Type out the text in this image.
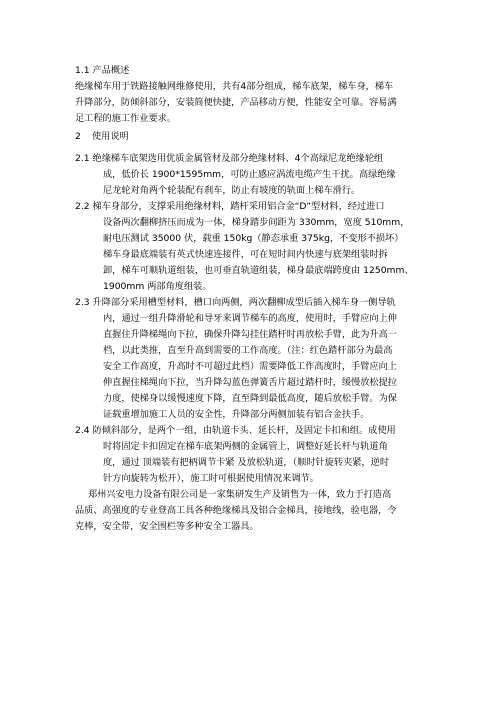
1.1 产品概述
绝缘梯车用于铁路接触网维修使用，共有4部分组成，梯车底架，梯车身，梯车
升降部分，防倾斜部分，安装简便快捷，产品移动方便，性能安全可靠。容易满
足工程的施工作业要求。
2 使用说明
2.1 绝缘梯车底架选用优质金属管材及部分绝缘材料、4个高绿尼龙绝缘轮组
成，低价长 1900*1595mm，可防止感应涡流电缆产生干扰。高绿绝缘
尼龙轮对角两个轮装配有刹车，防止有坡度的轨面上梯车滑行。
2.2 梯车身部分，支撑采用绝缘材料，踏杆采用铝合金“D”型材料，经过进口
设备两次翻柳挤压而成为一体，梯身踏步间距为 330mm，宽度 510mm，
耐电压测试 35000 伏，载重 150kg（静态承重 375kg，不变形不损坏）
梯车身最底端装有英式快速连接件，可在短时间内快速与底架组装时拆
卸，梯车可顺轨道组装，也可垂直轨道组装，梯身最底端跨度由 1250mm、
1900mm 两部角度组装。
2.3 升降部分采用槽型材料，槽口向两侧，两次翻柳成型后插入梯车身一侧导轨
内，通过一组升降滑轮和导牙来调节梯车的高度，使用时，手臂应向上伸
直握住升降梯绳向下拉，确保升降勾挂住踏杆时再放松手臂，此为升高一
档，以此类推，直至升高到需要的工作高度。（注：红色踏杆部分为最高
安全工作高度，升高时不可超过此档）需要降低工作高度时，手臂应向上
伸直握住梯绳向下拉，当升降勾蓝色弹簧舌片超过踏杆时，缓慢放松提拉
力度，使梯身以缓慢速度下降，直至降到最低高度，随后放松手臂。为保
证载重增加施工人员的安全性，升降部分两侧加装有铝合金扶手。
2.4 防倾斜部分，是两个一组，由轨道卡头、延长杆，及固定卡扣和组。成使用
时将固定卡扣固定在梯车底架两侧的金属管上，调整好延长杆与轨道角
度，通过 顶端装有把柄调节卡紧 及放松轨道，（顺时针旋转夹紧，逆时
针方向旋转为松开），施工时可根据使用情况来调节。
郑州兴安电力设备有限公司是一家集研发生产及销售为一体，致力于打造高
品质、高强度的专业登高工具各种绝缘梯具及铝合金梯具，接地线，验电器，令
克棒，安全带，安全围栏等多种安全工器具。
